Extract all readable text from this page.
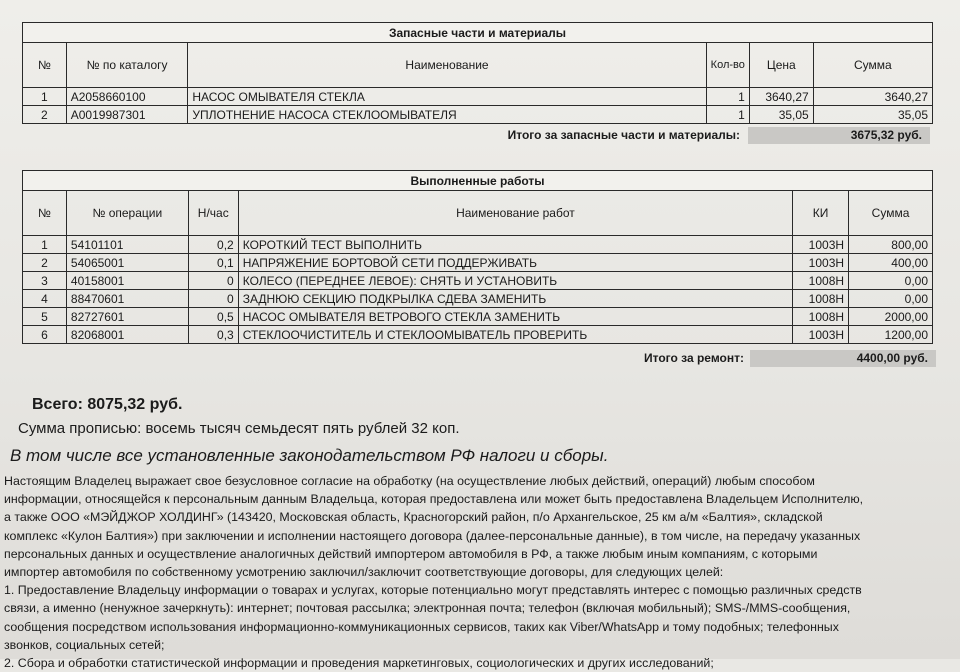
Запасные части и материалы					
№	№ по каталогу	Наименование	Кол-во	Цена	Сумма
1	A2058660100	НАСОС ОМЫВАТЕЛЯ СТЕКЛА	1	3640,27	3640,27
2	A0019987301	УПЛОТНЕНИЕ НАСОСА СТЕКЛООМЫВАТЕЛЯ	1	35,05	35,05
Итого за запасные части и материалы:	3675,32 руб.
Выполненные работы					
№	№ операции	Н/час	Наименование работ	КИ	Сумма
1	54101101	0,2	КОРОТКИЙ ТЕСТ ВЫПОЛНИТЬ	1003H	800,00
2	54065001	0,1	НАПРЯЖЕНИЕ БОРТОВОЙ СЕТИ ПОДДЕРЖИВАТЬ	1003H	400,00
3	40158001	0	КОЛЕСО (ПЕРЕДНЕЕ ЛЕВОЕ): СНЯТЬ И УСТАНОВИТЬ	1008H	0,00
4	88470601	0	ЗАДНЮЮ СЕКЦИЮ ПОДКРЫЛКА СДЕВА ЗАМЕНИТЬ	1008H	0,00
5	82727601	0,5	НАСОС ОМЫВАТЕЛЯ ВЕТРОВОГО СТЕКЛА ЗАМЕНИТЬ	1008H	2000,00
6	82068001	0,3	СТЕКЛООЧИСТИТЕЛЬ И СТЕКЛООМЫВАТЕЛЬ ПРОВЕРИТЬ	1003H	1200,00
Итого за ремонт:	4400,00 руб.
Всего: 8075,32 руб.
Сумма прописью: восемь тысяч семьдесят пять рублей 32 коп.
В том числе все установленные законодательством РФ налоги и сборы.

Настоящим Владелец выражает свое безусловное согласие на обработку (на осуществление любых действий, операций) любым способом

информации, относящейся к персональным данным Владельца, которая предоставлена или может быть предоставлена Владельцем Исполнителю,

а также ООО «МЭЙДЖОР ХОЛДИНГ» (143420, Московская область, Красногорский район, п/о Архангельское, 25 км а/м «Балтия», складской

комплекс «Кулон Балтия») при заключении и исполнении настоящего договора (далее-персональные данные), в том числе, на передачу указанных

персональных данных и осуществление аналогичных действий импортером автомобиля в РФ, а также любым иным компаниям, с которыми

импортер автомобиля по собственному усмотрению заключил/заключит соответствующие договоры, для следующих целей:

1. Предоставление Владельцу информации о товарах и услугах, которые потенциально могут представлять интерес с помощью различных средств

связи, а именно (ненужное зачеркнуть): интернет; почтовая рассылка; электронная почта; телефон (включая мобильный); SMS-/MMS-сообщения,

сообщения посредством использования информационно-коммуникационных сервисов, таких как Viber/WhatsApp и тому подобных; телефонных

звонков, социальных сетей;

2. Сбора и обработки статистической информации и проведения маркетинговых, социологических и других исследований;
